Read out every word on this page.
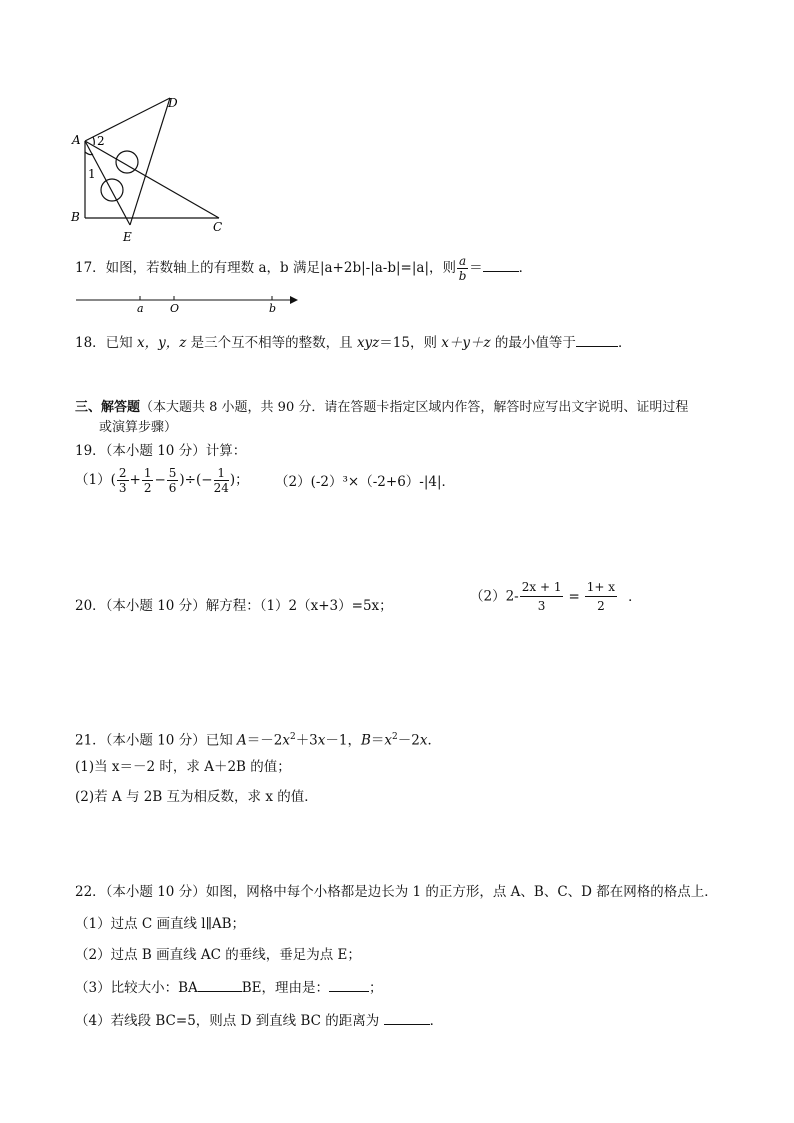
A 2
1
D
B
C
E
17．如图，若数轴上的有理数 a，b 满足|a+2b|-|a-b|=|a|，则 $\frac{a}{b}$ ＝	．
a O	b
18．已知 x，y，z 是三个互不相等的整数，且 xyz＝15，则 x＋y＋z 的最小值等于	．
三、解答题（本大题共 8 小题，共 90 分．请在答题卡指定区域内作答，解答时应写出文字说明、证明过程
或演算步骤）
19．（本小题 10 分）计算：
$(1)( \frac{2}{3} + \frac{1}{2} - \frac{5}{6}$ )÷(− $\frac{1}{24}$ )； （2）(-2）³×（-2+6）-|4|．
20．（本小题 10 分）解方程：（1）2（x+3）=5x；
$(2)2- \frac{2x + 1}{3} = \frac{1+ x}{2}$ ．
21．（本小题 10 分）已知 $A=-2x^2+3x-1$，$B=x^2-2x$．
(1)当 x＝－2 时，求 A＋2B 的值；
(2)若 A 与 2B 互为相反数，求 x 的值．
22．（本小题 10 分）如图，网格中每个小格都是边长为 1 的正方形，点 A、B、C、D 都在网格的格点上．
（1）过点 C 画直线 l∥AB；
（2）过点 B 画直线 AC 的垂线，垂足为点 E；
（3）比较大小：BA	BE，理由是：	；
（4）若线段 BC=5，则点 D 到直线 BC 的距离为	．
